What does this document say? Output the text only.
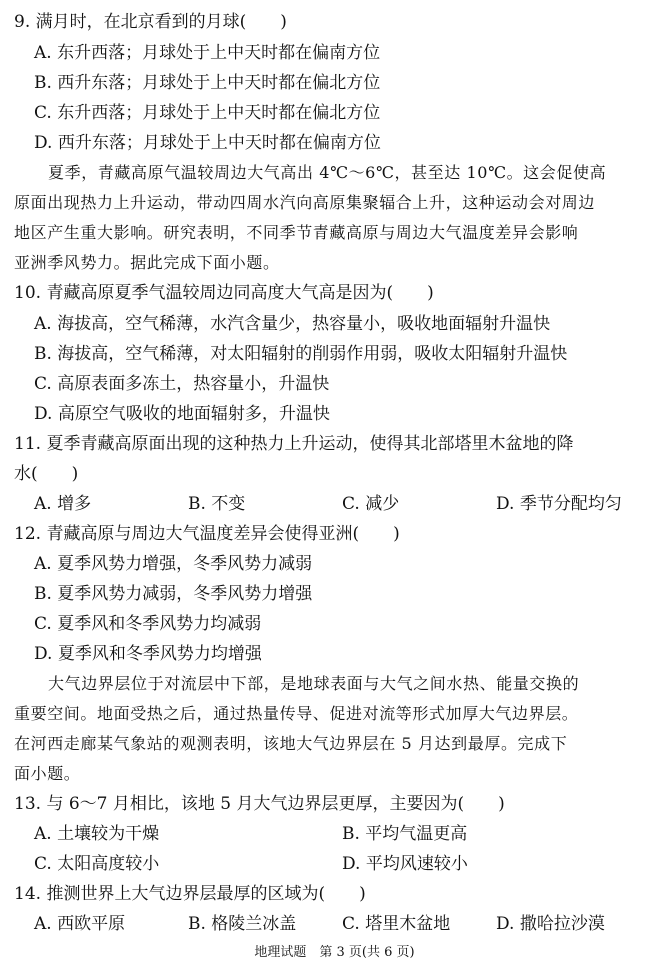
9. 满月时，在北京看到的月球(　　)
A. 东升西落；月球处于上中天时都在偏南方位
B. 西升东落；月球处于上中天时都在偏北方位
C. 东升西落；月球处于上中天时都在偏北方位
D. 西升东落；月球处于上中天时都在偏南方位
夏季，青藏高原气温较周边大气高出 4℃～6℃，甚至达 10℃。这会促使高
原面出现热力上升运动，带动四周水汽向高原集聚辐合上升，这种运动会对周边
地区产生重大影响。研究表明，不同季节青藏高原与周边大气温度差异会影响
亚洲季风势力。据此完成下面小题。
10. 青藏高原夏季气温较周边同高度大气高是因为(　　)
A. 海拔高，空气稀薄，水汽含量少，热容量小，吸收地面辐射升温快
B. 海拔高，空气稀薄，对太阳辐射的削弱作用弱，吸收太阳辐射升温快
C. 高原表面多冻土，热容量小，升温快
D. 高原空气吸收的地面辐射多，升温快
11. 夏季青藏高原面出现的这种热力上升运动，使得其北部塔里木盆地的降
水(　　)
A. 增多	B. 不变	C. 减少	D. 季节分配均匀
12. 青藏高原与周边大气温度差异会使得亚洲(　　)
A. 夏季风势力增强，冬季风势力减弱
B. 夏季风势力减弱，冬季风势力增强
C. 夏季风和冬季风势力均减弱
D. 夏季风和冬季风势力均增强
大气边界层位于对流层中下部，是地球表面与大气之间水热、能量交换的
重要空间。地面受热之后，通过热量传导、促进对流等形式加厚大气边界层。
在河西走廊某气象站的观测表明，该地大气边界层在 5 月达到最厚。完成下
面小题。
13. 与 6～7 月相比，该地 5 月大气边界层更厚，主要因为(　　)
A. 土壤较为干燥	B. 平均气温更高
C. 太阳高度较小	D. 平均风速较小
14. 推测世界上大气边界层最厚的区域为(　　)
A. 西欧平原	B. 格陵兰冰盖	C. 塔里木盆地	D. 撒哈拉沙漠
地理试题　第 3 页(共 6 页)
